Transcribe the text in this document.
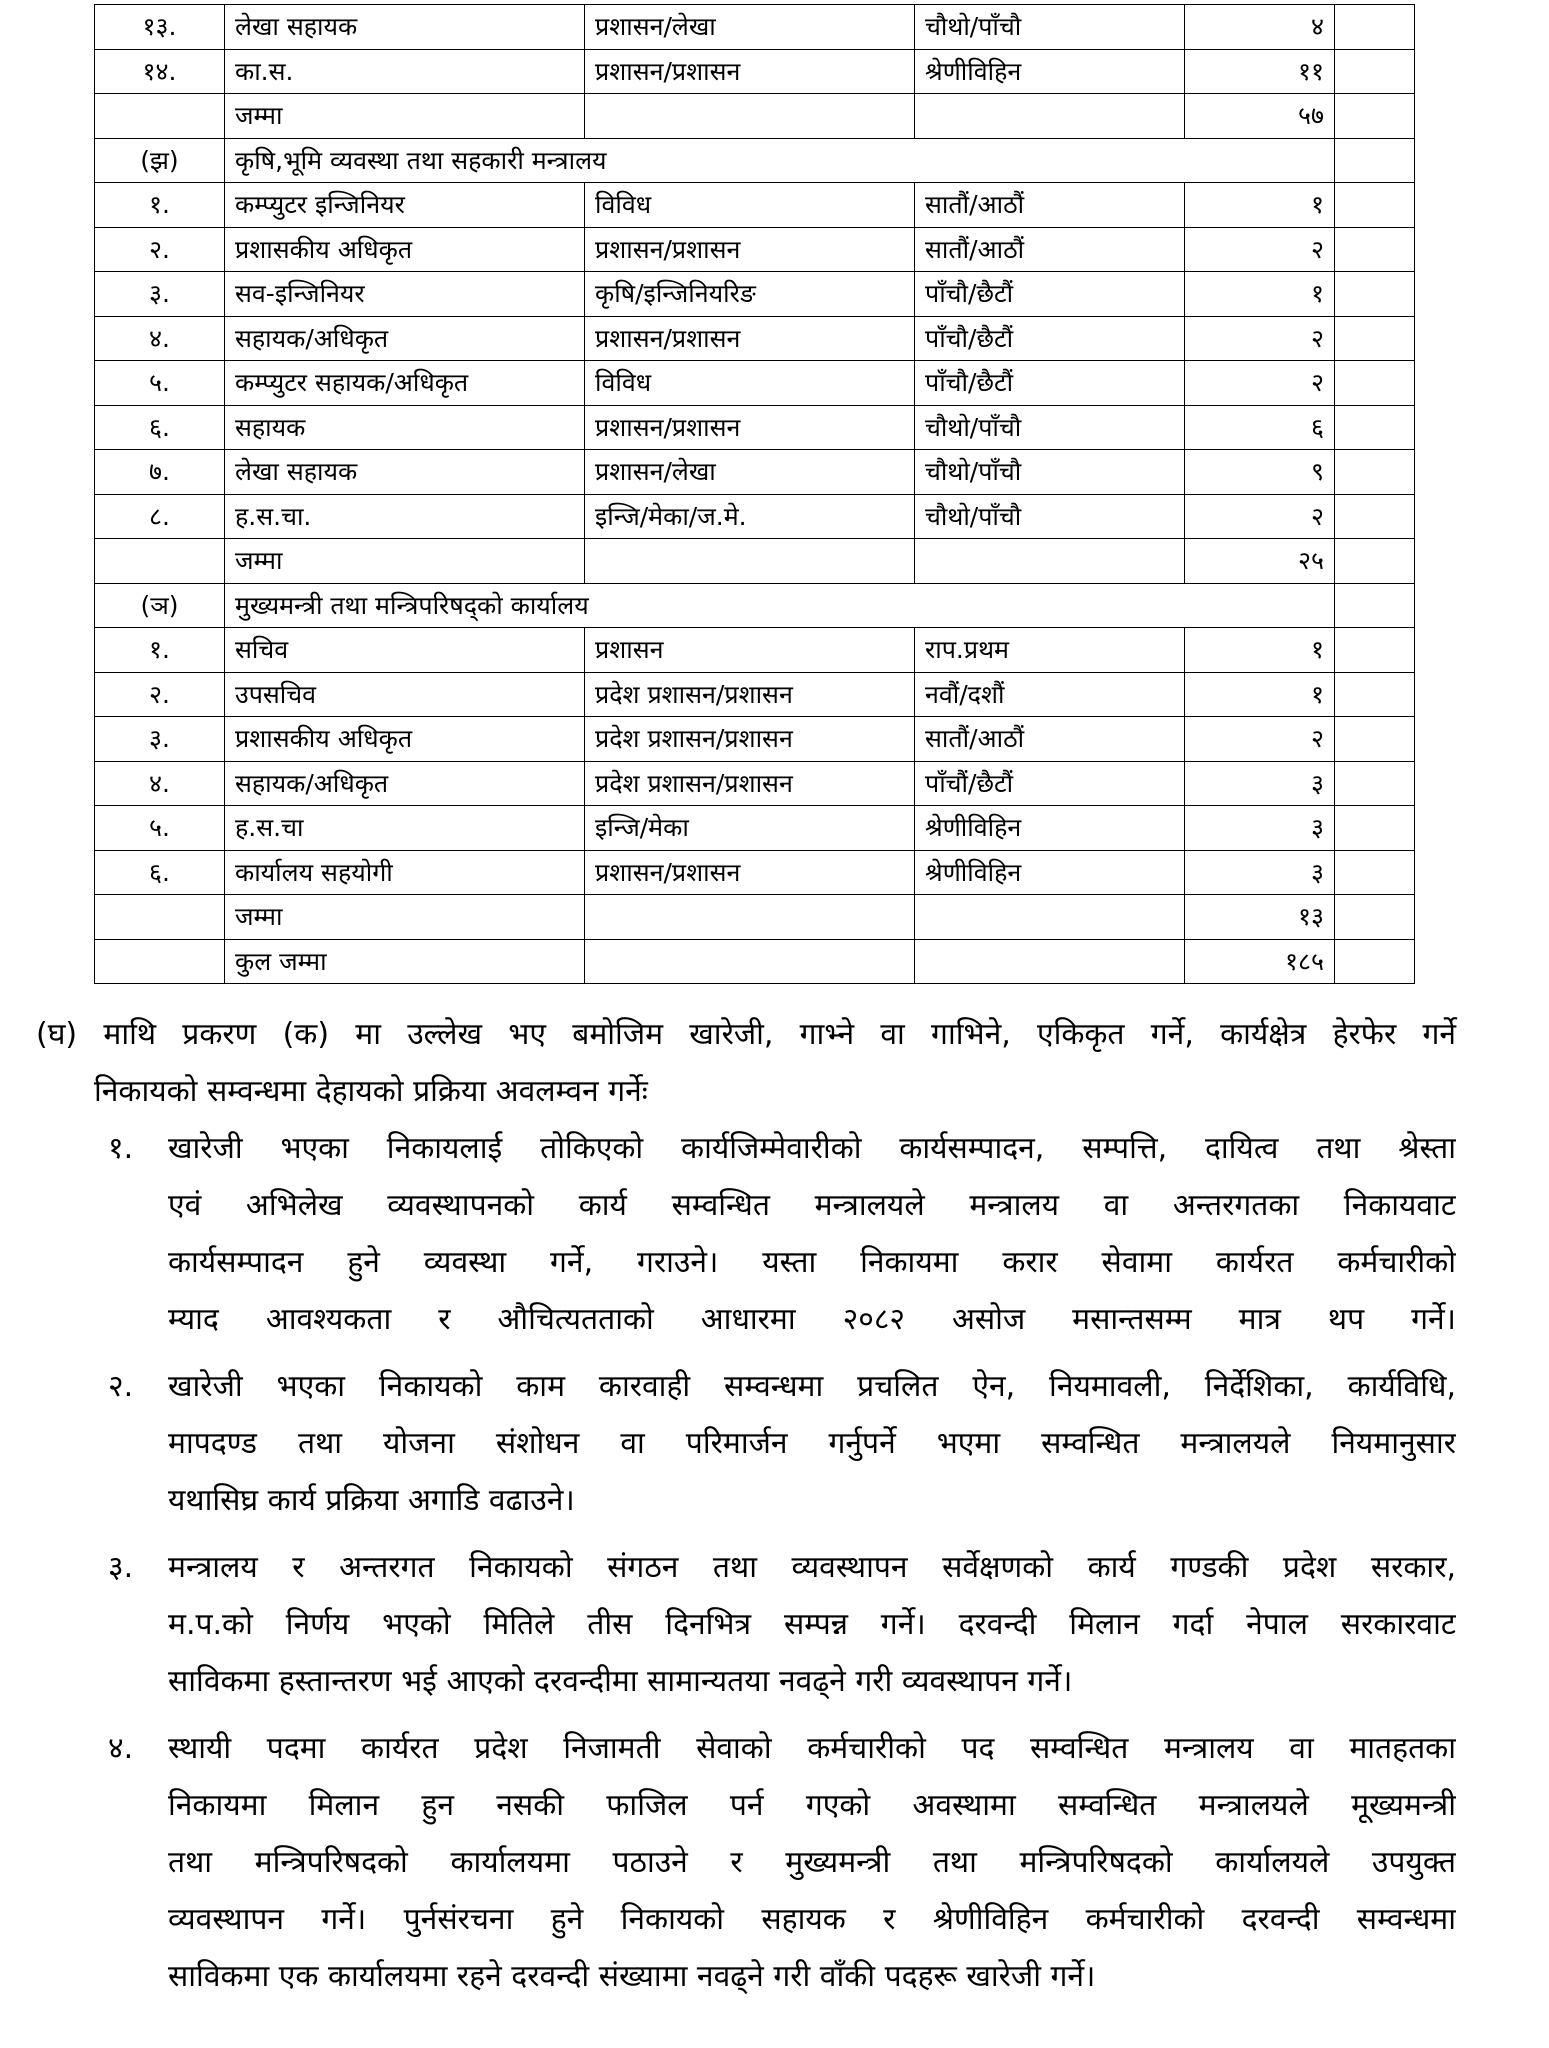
१३.	लेखा सहायक	प्रशासन/लेखा	चौथो/पाँचौ	४	
१४.	का.स.	प्रशासन/प्रशासन	श्रेणीविहिन	११	
	जम्मा			५७	
(झ)	कृषि,भूमि व्यवस्था तथा सहकारी मन्त्रालय				
१.	कम्प्युटर इन्जिनियर	विविध	सातौं/आठौं	१	
२.	प्रशासकीय अधिकृत	प्रशासन/प्रशासन	सातौं/आठौं	२	
३.	सव-इन्जिनियर	कृषि/इन्जिनियरिङ	पाँचौ/छैटौं	१	
४.	सहायक/अधिकृत	प्रशासन/प्रशासन	पाँचौ/छैटौं	२	
५.	कम्प्युटर सहायक/अधिकृत	विविध	पाँचौ/छैटौं	२	
६.	सहायक	प्रशासन/प्रशासन	चौथो/पाँचौ	६	
७.	लेखा सहायक	प्रशासन/लेखा	चौथो/पाँचौ	९	
८.	ह.स.चा.	इन्जि/मेका/ज.मे.	चौथो/पाँचौ	२	
	जम्मा			२५	
(ञ)	मुख्यमन्त्री तथा मन्त्रिपरिषद्को कार्यालय				
१.	सचिव	प्रशासन	राप.प्रथम	१	
२.	उपसचिव	प्रदेश प्रशासन/प्रशासन	नवौं/दशौं	१	
३.	प्रशासकीय अधिकृत	प्रदेश प्रशासन/प्रशासन	सातौं/आठौं	२	
४.	सहायक/अधिकृत	प्रदेश प्रशासन/प्रशासन	पाँचौं/छैटौं	३	
५.	ह.स.चा	इन्जि/मेका	श्रेणीविहिन	३	
६.	कार्यालय सहयोगी	प्रशासन/प्रशासन	श्रेणीविहिन	३	
	जम्मा			१३	
	कुल जम्मा			१८५	
(घ) माथि प्रकरण (क) मा उल्लेख भए बमोजिम खारेजी, गाभ्ने वा गाभिने, एकिकृत गर्ने, कार्यक्षेत्र हेरफेर गर्ने
निकायको सम्वन्धमा देहायको प्रक्रिया अवलम्वन गर्नेः
१.	खारेजी भएका निकायलाई तोकिएको कार्यजिम्मेवारीको कार्यसम्पादन, सम्पत्ति, दायित्व तथा श्रेस्ता
एवं अभिलेख व्यवस्थापनको कार्य सम्वन्धित मन्त्रालयले मन्त्रालय वा अन्तरगतका निकायवाट
कार्यसम्पादन हुने व्यवस्था गर्ने, गराउने। यस्ता निकायमा करार सेवामा कार्यरत कर्मचारीको
म्याद आवश्यकता र औचित्यतताको आधारमा २०८२ असोज मसान्तसम्म मात्र थप गर्ने।
२.	खारेजी भएका निकायको काम कारवाही सम्वन्धमा प्रचलित ऐन, नियमावली, निर्देशिका, कार्यविधि,
मापदण्ड तथा योजना संशोधन वा परिमार्जन गर्नुपर्ने भएमा सम्वन्धित मन्त्रालयले नियमानुसार
यथासिघ्र कार्य प्रक्रिया अगाडि वढाउने।
३.	मन्त्रालय र अन्तरगत निकायको संगठन तथा व्यवस्थापन सर्वेक्षणको कार्य गण्डकी प्रदेश सरकार,
म.प.को निर्णय भएको मितिले तीस दिनभित्र सम्पन्न गर्ने। दरवन्दी मिलान गर्दा नेपाल सरकारवाट
साविकमा हस्तान्तरण भई आएको दरवन्दीमा सामान्यतया नवढ्ने गरी व्यवस्थापन गर्ने।
४.	स्थायी पदमा कार्यरत प्रदेश निजामती सेवाको कर्मचारीको पद सम्वन्धित मन्त्रालय वा मातहतका
निकायमा मिलान हुन नसकी फाजिल पर्न गएको अवस्थामा सम्वन्धित मन्त्रालयले मूख्यमन्त्री
तथा मन्त्रिपरिषदको कार्यालयमा पठाउने र मुख्यमन्त्री तथा मन्त्रिपरिषदको कार्यालयले उपयुक्त
व्यवस्थापन गर्ने। पुर्नसंरचना हुने निकायको सहायक र श्रेणीविहिन कर्मचारीको दरवन्दी सम्वन्धमा
साविकमा एक कार्यालयमा रहने दरवन्दी संख्यामा नवढ्ने गरी वाँकी पदहरू खारेजी गर्ने।
